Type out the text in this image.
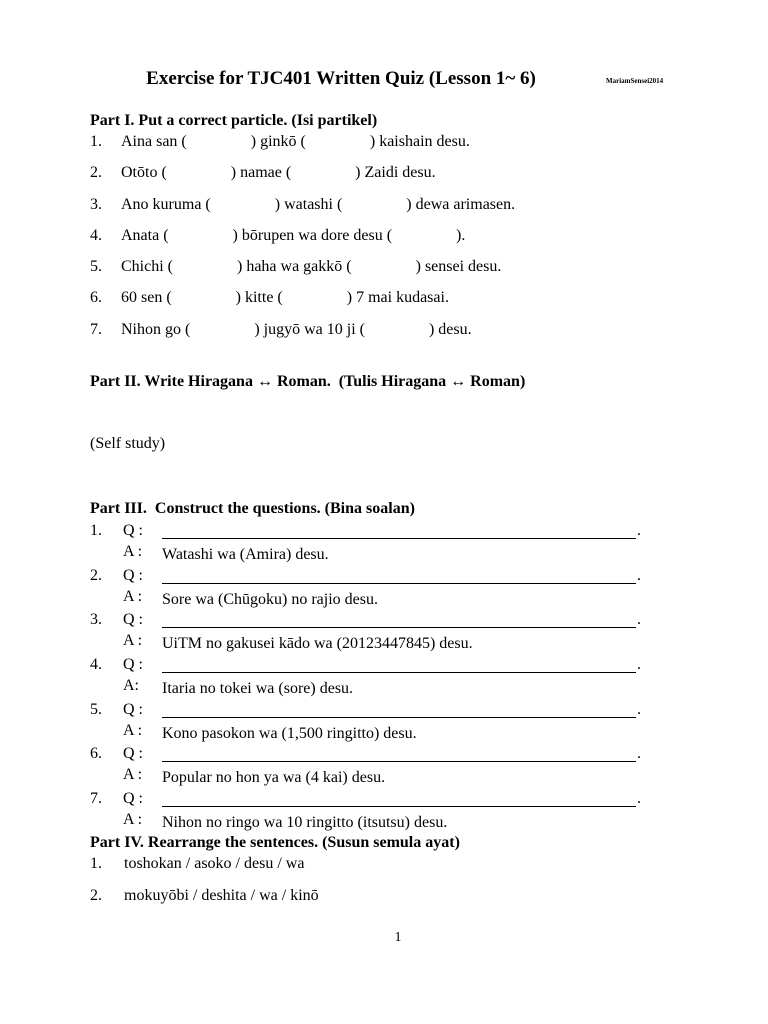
Exercise for TJC401 Written Quiz (Lesson 1~ 6)	MariamSensei2014
Part I. Put a correct particle. (Isi partikel)
1. Aina san (                ) ginkō (                ) kaishain desu.
2. Otōto (                ) namae (                ) Zaidi desu.
3. Ano kuruma (                ) watashi (                ) dewa arimasen.
4. Anata (                ) bōrupen wa dore desu (                ).
5. Chichi (                ) haha wa gakkō (                ) sensei desu.
6. 60 sen (                ) kitte (                ) 7 mai kudasai.
7. Nihon go (                ) jugyō wa 10 ji (                ) desu.
Part II. Write Hiragana ↔ Roman.  (Tulis Hiragana ↔ Roman)
(Self study)
Part III.  Construct the questions. (Bina soalan)
1. Q :	.
A : Watashi wa (Amira) desu.
2. Q :	.
A : Sore wa (Chūgoku) no rajio desu.
3. Q :	.
A : UiTM no gakusei kādo wa (20123447845) desu.
4. Q :	.
A: Itaria no tokei wa (sore) desu.
5. Q :	.
A : Kono pasokon wa (1,500 ringitto) desu.
6. Q :	.
A : Popular no hon ya wa (4 kai) desu.
7. Q :	.
A : Nihon no ringo wa 10 ringitto (itsutsu) desu.
Part IV. Rearrange the sentences. (Susun semula ayat)
1. toshokan / asoko / desu / wa
2. mokuyōbi / deshita / wa / kinō
1
